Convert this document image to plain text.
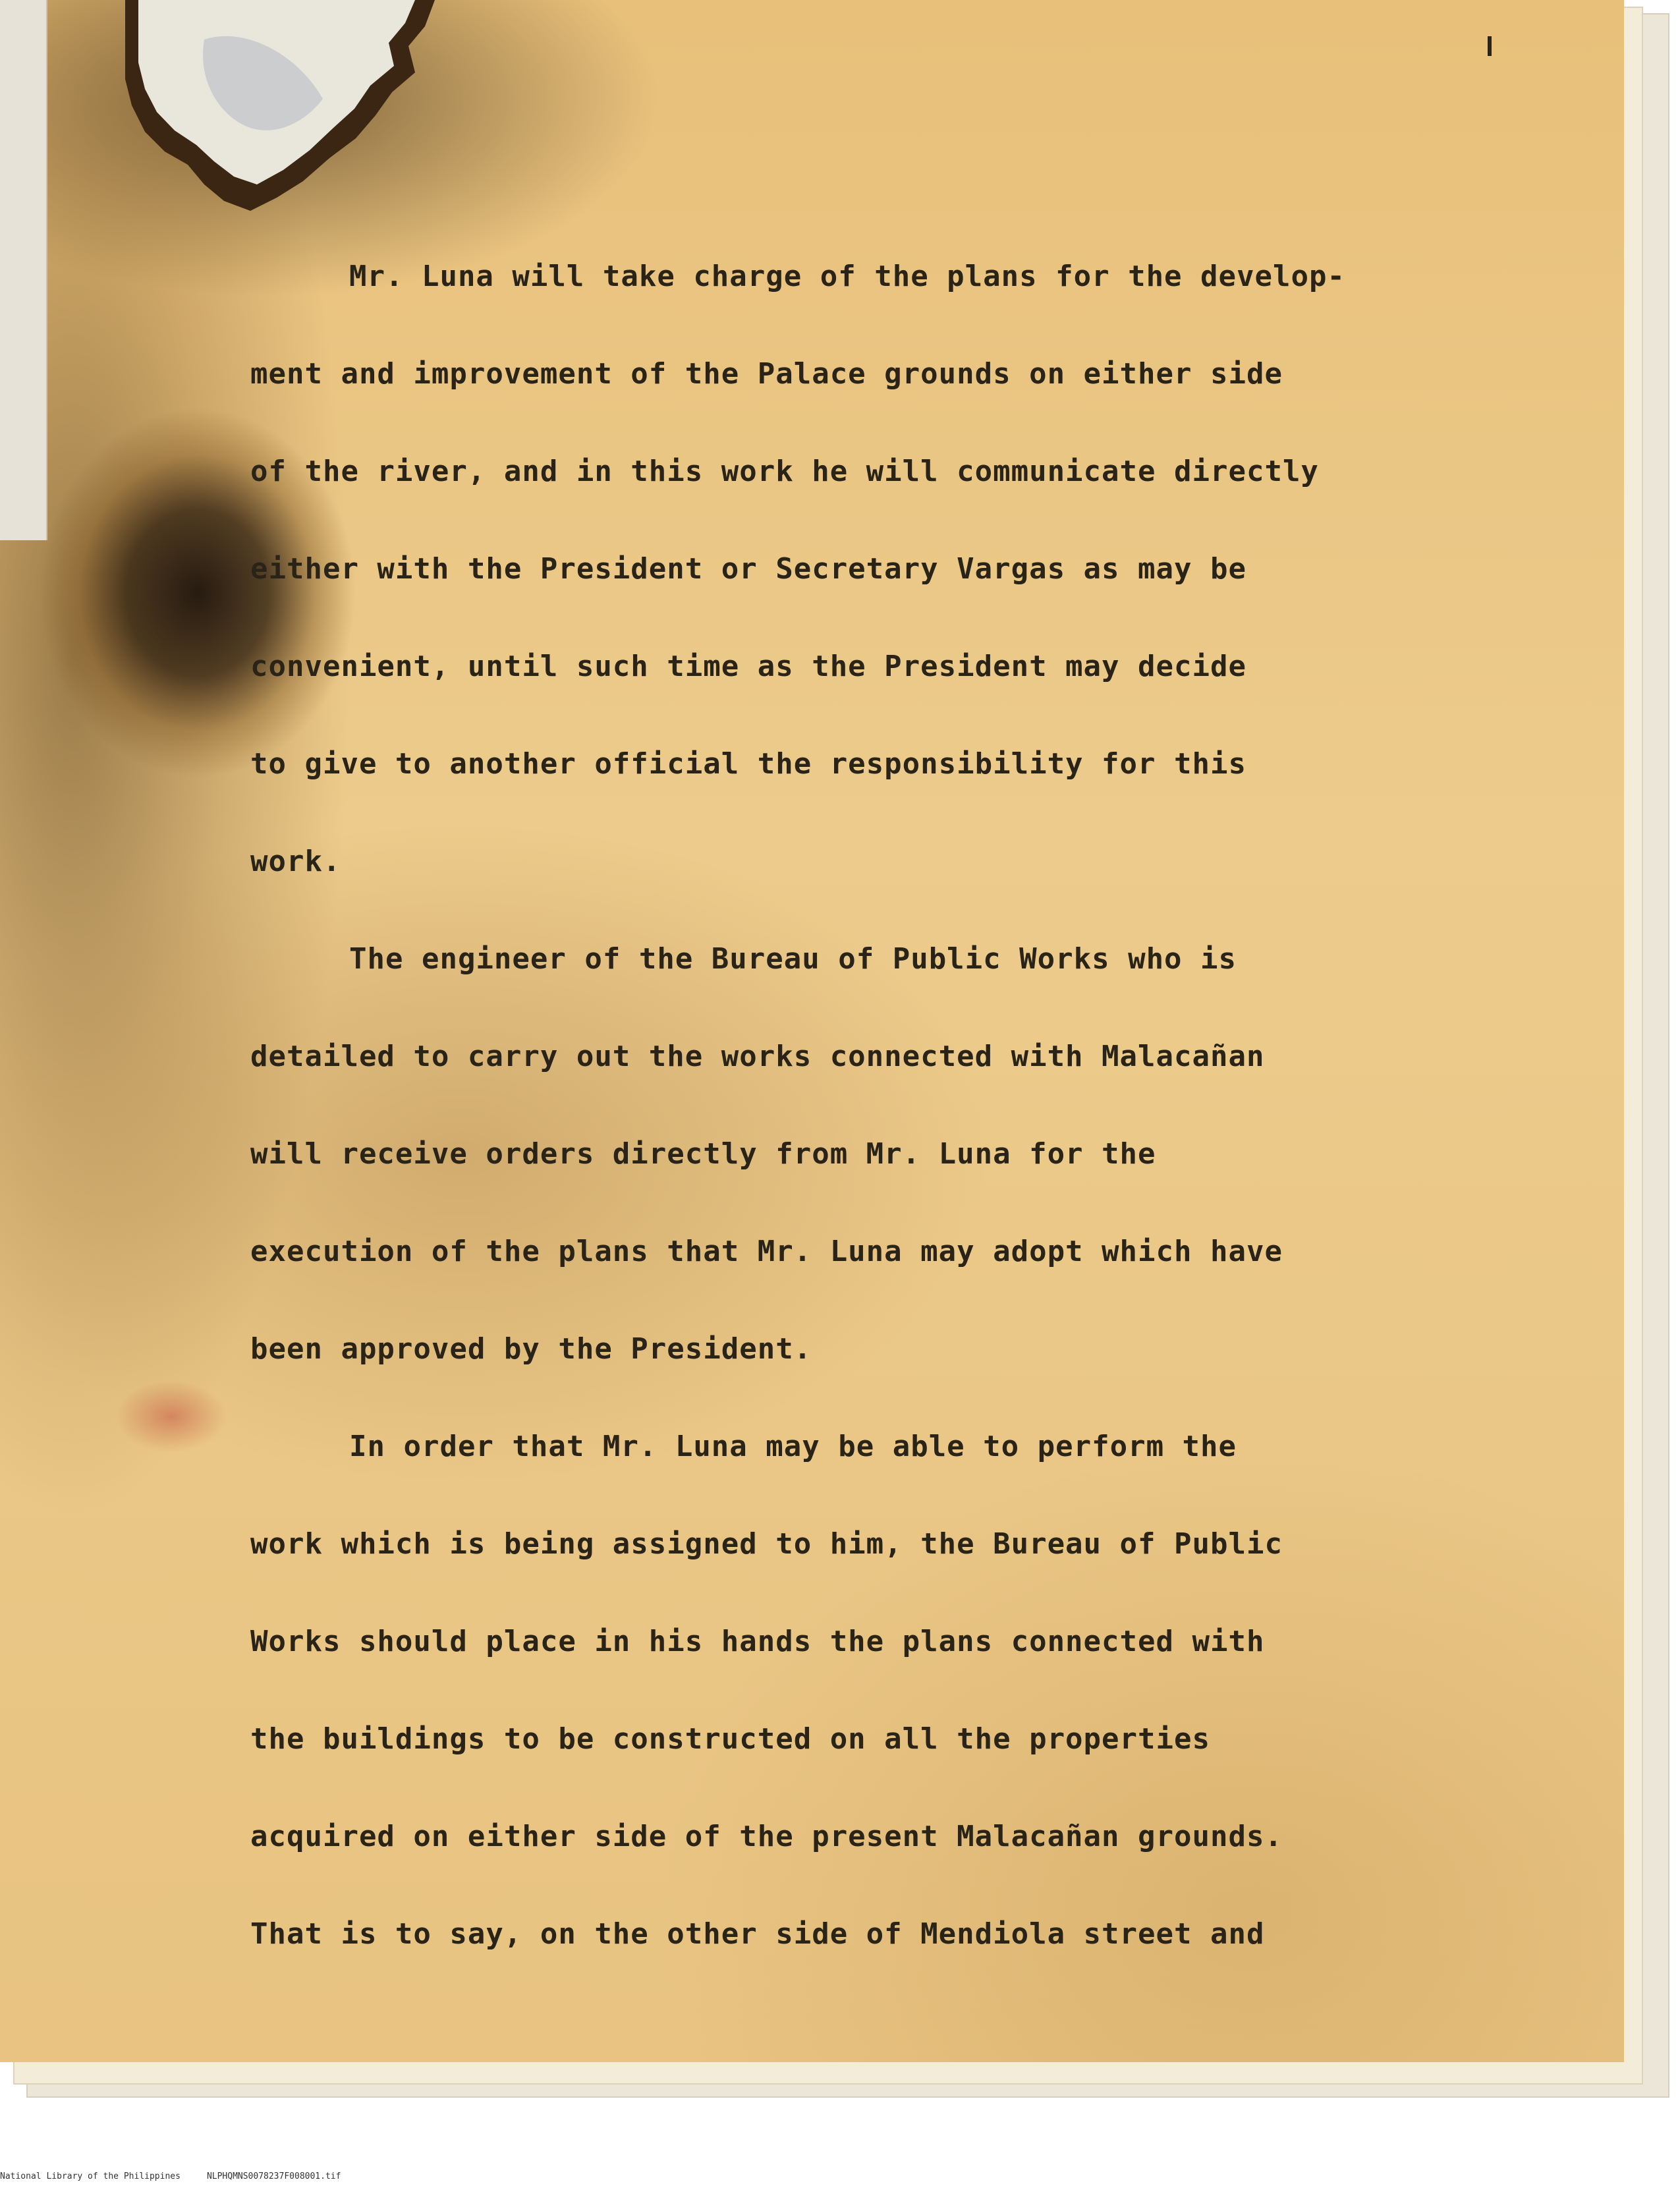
Mr. Luna will take charge of the plans for the develop-
ment and improvement of the Palace grounds on either side
of the river, and in this work he will communicate directly
either with the President or Secretary Vargas as may be
convenient, until such time as the President may decide
to give to another official the responsibility for this
work.
The engineer of the Bureau of Public Works who is
detailed to carry out the works connected with Malacañan
will receive orders directly from Mr. Luna for the
execution of the plans that Mr. Luna may adopt which have
been approved by the President.
In order that Mr. Luna may be able to perform the
work which is being assigned to him, the Bureau of Public
Works should place in his hands the plans connected with
the buildings to be constructed on all the properties
acquired on either side of the present Malacañan grounds.
That is to say, on the other side of Mendiola street and
National Library of the Philippines	NLPHQMNS0078237F008001.tif
